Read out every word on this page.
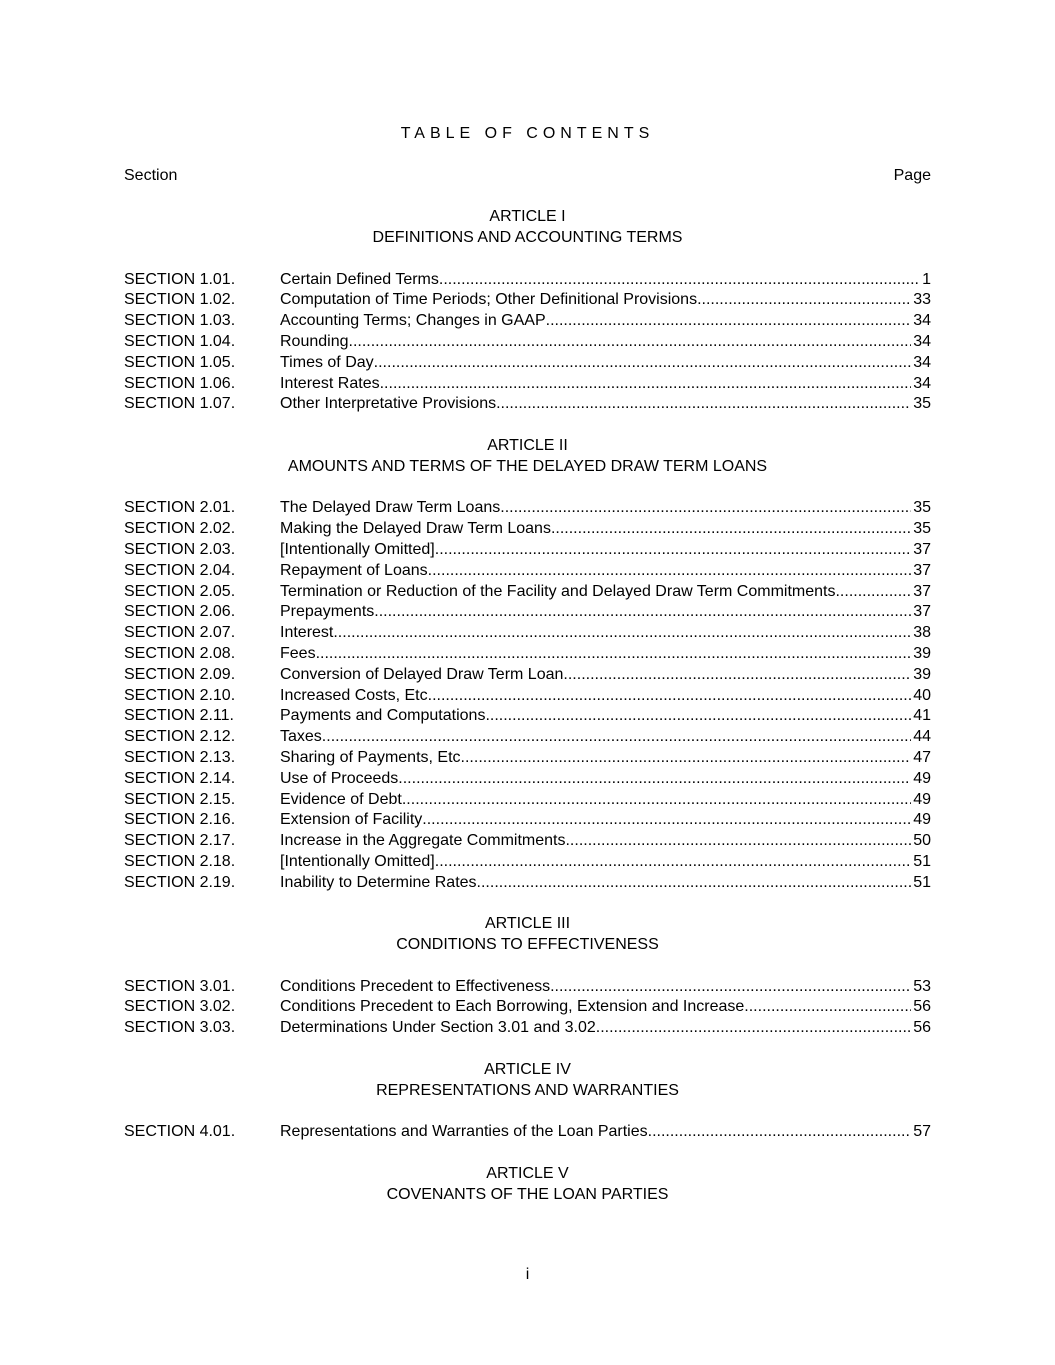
TABLE OF CONTENTS
Section	Page
ARTICLE I
DEFINITIONS AND ACCOUNTING TERMS
SECTION 1.01.	Certain Defined Terms .....	1
SECTION 1.02.	Computation of Time Periods; Other Definitional Provisions .....	33
SECTION 1.03.	Accounting Terms; Changes in GAAP .....	34
SECTION 1.04.	Rounding .....	34
SECTION 1.05.	Times of Day .....	34
SECTION 1.06.	Interest Rates .....	34
SECTION 1.07.	Other Interpretative Provisions .....	35
ARTICLE II
AMOUNTS AND TERMS OF THE DELAYED DRAW TERM LOANS
SECTION 2.01.	The Delayed Draw Term Loans .....	35
SECTION 2.02.	Making the Delayed Draw Term Loans .....	35
SECTION 2.03.	[Intentionally Omitted] .....	37
SECTION 2.04.	Repayment of Loans .....	37
SECTION 2.05.	Termination or Reduction of the Facility and Delayed Draw Term Commitments .....	37
SECTION 2.06.	Prepayments .....	37
SECTION 2.07.	Interest .....	38
SECTION 2.08.	Fees .....	39
SECTION 2.09.	Conversion of Delayed Draw Term Loan .....	39
SECTION 2.10.	Increased Costs, Etc .....	40
SECTION 2.11.	Payments and Computations .....	41
SECTION 2.12.	Taxes .....	44
SECTION 2.13.	Sharing of Payments, Etc .....	47
SECTION 2.14.	Use of Proceeds .....	49
SECTION 2.15.	Evidence of Debt .....	49
SECTION 2.16.	Extension of Facility .....	49
SECTION 2.17.	Increase in the Aggregate Commitments .....	50
SECTION 2.18.	[Intentionally Omitted] .....	51
SECTION 2.19.	Inability to Determine Rates .....	51
ARTICLE III
CONDITIONS TO EFFECTIVENESS
SECTION 3.01.	Conditions Precedent to Effectiveness .....	53
SECTION 3.02.	Conditions Precedent to Each Borrowing, Extension and Increase .....	56
SECTION 3.03.	Determinations Under Section 3.01 and 3.02 .....	56
ARTICLE IV
REPRESENTATIONS AND WARRANTIES
SECTION 4.01.	Representations and Warranties of the Loan Parties .....	57
ARTICLE V
COVENANTS OF THE LOAN PARTIES
i
